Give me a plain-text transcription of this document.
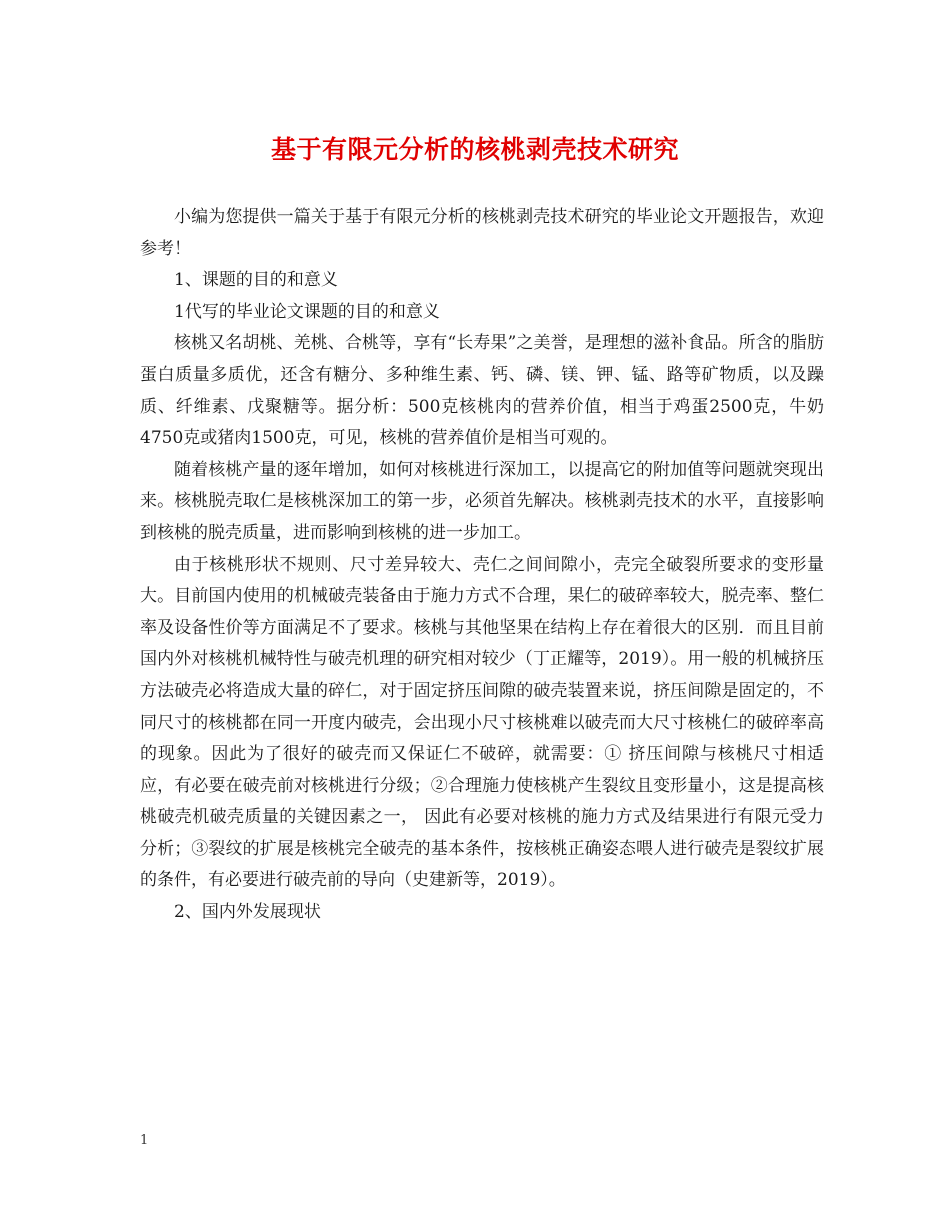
基于有限元分析的核桃剥壳技术研究

小编为您提供一篇关于基于有限元分析的核桃剥壳技术研究的毕业论文开题报告，欢迎参考！

1、课题的目的和意义

1代写的毕业论文课题的目的和意义

核桃又名胡桃、羌桃、合桃等，享有“长寿果”之美誉，是理想的滋补食品。所含的脂肪蛋白质量多质优，还含有糖分、多种维生素、钙、磷、镁、钾、锰、路等矿物质，以及躁质、纤维素、戊聚糖等。据分析：500克核桃肉的营养价值，相当于鸡蛋2500克，牛奶4750克或猪肉1500克，可见，核桃的营养值价是相当可观的。

随着核桃产量的逐年增加，如何对核桃进行深加工，以提高它的附加值等问题就突现出来。核桃脱壳取仁是核桃深加工的第一步，必须首先解决。核桃剥壳技术的水平，直接影响到核桃的脱壳质量，进而影响到核桃的进一步加工。

由于核桃形状不规则、尺寸差异较大、壳仁之间间隙小，壳完全破裂所要求的变形量大。目前国内使用的机械破壳装备由于施力方式不合理，果仁的破碎率较大，脱壳率、整仁率及设备性价等方面满足不了要求。核桃与其他坚果在结构上存在着很大的区别．而且目前国内外对核桃机械特性与破壳机理的研究相对较少（丁正耀等，2019）。用一般的机械挤压方法破壳必将造成大量的碎仁，对于固定挤压间隙的破壳装置来说，挤压间隙是固定的，不同尺寸的核桃都在同一开度内破壳，会出现小尺寸核桃难以破壳而大尺寸核桃仁的破碎率高的现象。因此为了很好的破壳而又保证仁不破碎，就需要：① 挤压间隙与核桃尺寸相适应，有必要在破壳前对核桃进行分级；②合理施力使核桃产生裂纹且变形量小，这是提高核桃破壳机破壳质量的关键因素之一， 因此有必要对核桃的施力方式及结果进行有限元受力分析；③裂纹的扩展是核桃完全破壳的基本条件，按核桃正确姿态喂人进行破壳是裂纹扩展的条件，有必要进行破壳前的导向（史建新等，2019）。

2、国内外发展现状

1
